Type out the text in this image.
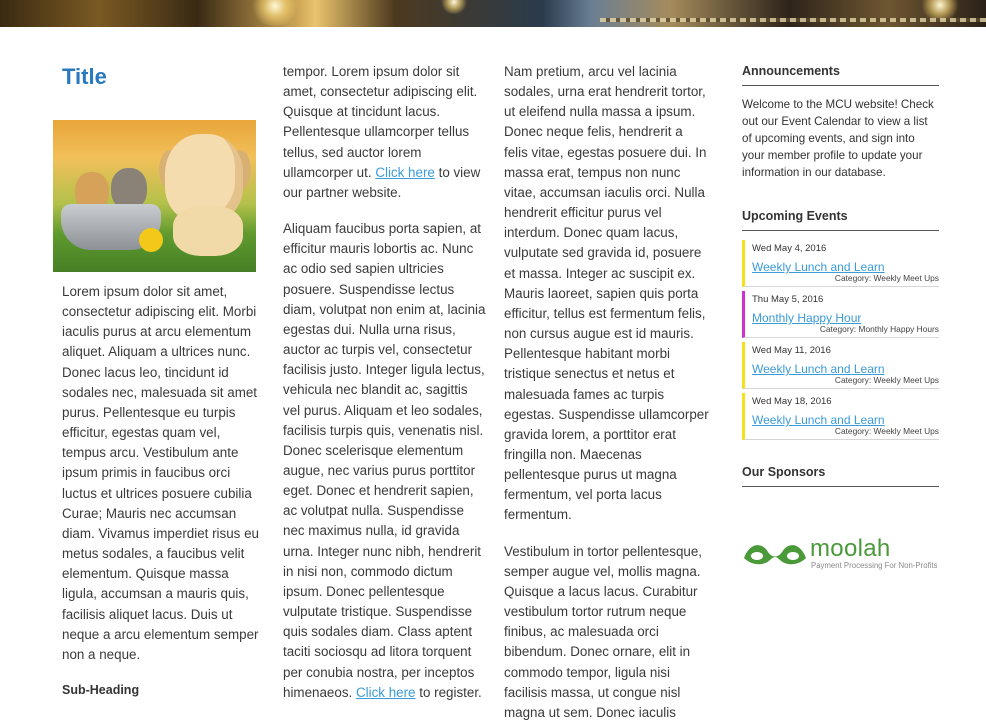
Title

Lorem ipsum dolor sit amet, consectetur adipiscing elit. Morbi iaculis purus at arcu elementum aliquet. Aliquam a ultrices nunc. Donec lacus leo, tincidunt id sodales nec, malesuada sit amet purus. Pellentesque eu turpis efficitur, egestas quam vel, tempus arcu. Vestibulum ante ipsum primis in faucibus orci luctus et ultrices posuere cubilia Curae; Mauris nec accumsan diam. Vivamus imperdiet risus eu metus sodales, a faucibus velit elementum. Quisque massa ligula, accumsan a mauris quis, facilisis aliquet lacus. Duis ut neque a arcu elementum semper non a neque.

Sub-Heading

tempor. Lorem ipsum dolor sit amet, consectetur adipiscing elit. Quisque at tincidunt lacus. Pellentesque ullamcorper tellus tellus, sed auctor lorem ullamcorper ut. Click here to view our partner website.

Aliquam faucibus porta sapien, at efficitur mauris lobortis ac. Nunc ac odio sed sapien ultricies posuere. Suspendisse lectus diam, volutpat non enim at, lacinia egestas dui. Nulla urna risus, auctor ac turpis vel, consectetur facilisis justo. Integer ligula lectus, vehicula nec blandit ac, sagittis vel purus. Aliquam et leo sodales, facilisis turpis quis, venenatis nisl. Donec scelerisque elementum augue, nec varius purus porttitor eget. Donec et hendrerit sapien, ac volutpat nulla. Suspendisse nec maximus nulla, id gravida urna. Integer nunc nibh, hendrerit in nisi non, commodo dictum ipsum. Donec pellentesque vulputate tristique. Suspendisse quis sodales diam. Class aptent taciti sociosqu ad litora torquent per conubia nostra, per inceptos himenaeos. Click here to register.

Nam pretium, arcu vel lacinia sodales, urna erat hendrerit tortor, ut eleifend nulla massa a ipsum. Donec neque felis, hendrerit a felis vitae, egestas posuere dui. In massa erat, tempus non nunc vitae, accumsan iaculis orci. Nulla hendrerit efficitur purus vel interdum. Donec quam lacus, vulputate sed gravida id, posuere et massa. Integer ac suscipit ex. Mauris laoreet, sapien quis porta efficitur, tellus est fermentum felis, non cursus augue est id mauris. Pellentesque habitant morbi tristique senectus et netus et malesuada fames ac turpis egestas. Suspendisse ullamcorper gravida lorem, a porttitor erat fringilla non. Maecenas pellentesque purus ut magna fermentum, vel porta lacus fermentum.

Vestibulum in tortor pellentesque, semper augue vel, mollis magna. Quisque a lacus lacus. Curabitur vestibulum tortor rutrum neque finibus, ac malesuada orci bibendum. Donec ornare, elit in commodo tempor, ligula nisi facilisis massa, ut congue nisl magna ut sem. Donec iaculis

Announcements

Welcome to the MCU website! Check out our Event Calendar to view a list of upcoming events, and sign into your member profile to update your information in our database.

Upcoming Events
Wed May 4, 2016
Weekly Lunch and Learn
Category: Weekly Meet Ups
Thu May 5, 2016
Monthly Happy Hour
Category: Monthly Happy Hours
Wed May 11, 2016
Weekly Lunch and Learn
Category: Weekly Meet Ups
Wed May 18, 2016
Weekly Lunch and Learn
Category: Weekly Meet Ups
Our Sponsors
moolah
Payment Processing For Non-Profits
